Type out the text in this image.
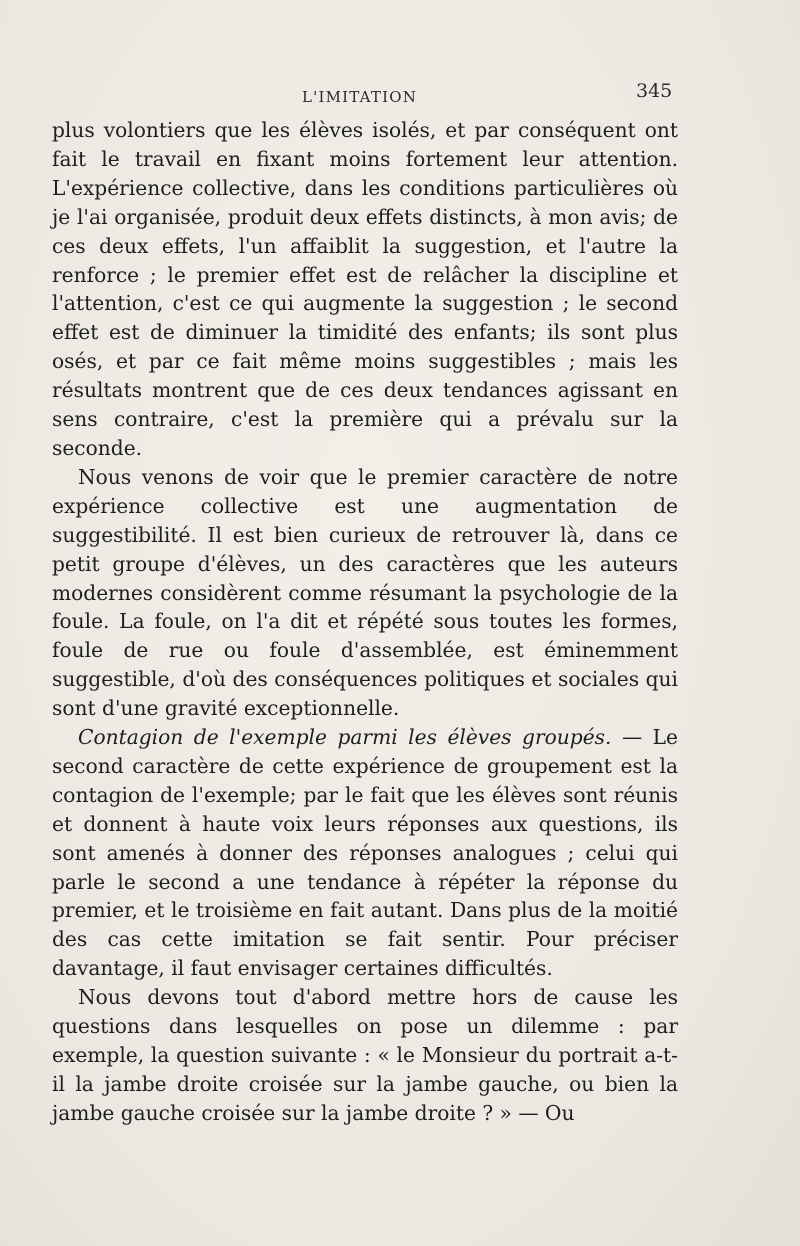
L'IMITATION	345

plus volontiers que les élèves isolés, et par conséquent ont fait le travail en fixant moins fortement leur attention. L'expérience collective, dans les conditions particulières où je l'ai organisée, produit deux effets distincts, à mon avis; de ces deux effets, l'un affaiblit la suggestion, et l'autre la renforce ; le premier effet est de relâcher la discipline et l'attention, c'est ce qui augmente la suggestion ; le second effet est de diminuer la timidité des enfants; ils sont plus osés, et par ce fait même moins suggestibles ; mais les résultats montrent que de ces deux tendances agissant en sens contraire, c'est la première qui a prévalu sur la seconde.

Nous venons de voir que le premier caractère de notre expérience collective est une augmentation de suggestibilité. Il est bien curieux de retrouver là, dans ce petit groupe d'élèves, un des caractères que les auteurs modernes considèrent comme résumant la psychologie de la foule. La foule, on l'a dit et répété sous toutes les formes, foule de rue ou foule d'assemblée, est éminemment suggestible, d'où des conséquences politiques et sociales qui sont d'une gravité exceptionnelle.

Contagion de l'exemple parmi les élèves groupés. — Le second caractère de cette expérience de groupement est la contagion de l'exemple; par le fait que les élèves sont réunis et donnent à haute voix leurs réponses aux questions, ils sont amenés à donner des réponses analogues ; celui qui parle le second a une tendance à répéter la réponse du premier, et le troisième en fait autant. Dans plus de la moitié des cas cette imitation se fait sentir. Pour préciser davantage, il faut envisager certaines difficultés.

Nous devons tout d'abord mettre hors de cause les questions dans lesquelles on pose un dilemme : par exemple, la question suivante : « le Monsieur du portrait a-t-il la jambe droite croisée sur la jambe gauche, ou bien la jambe gauche croisée sur la jambe droite ? » — Ou
